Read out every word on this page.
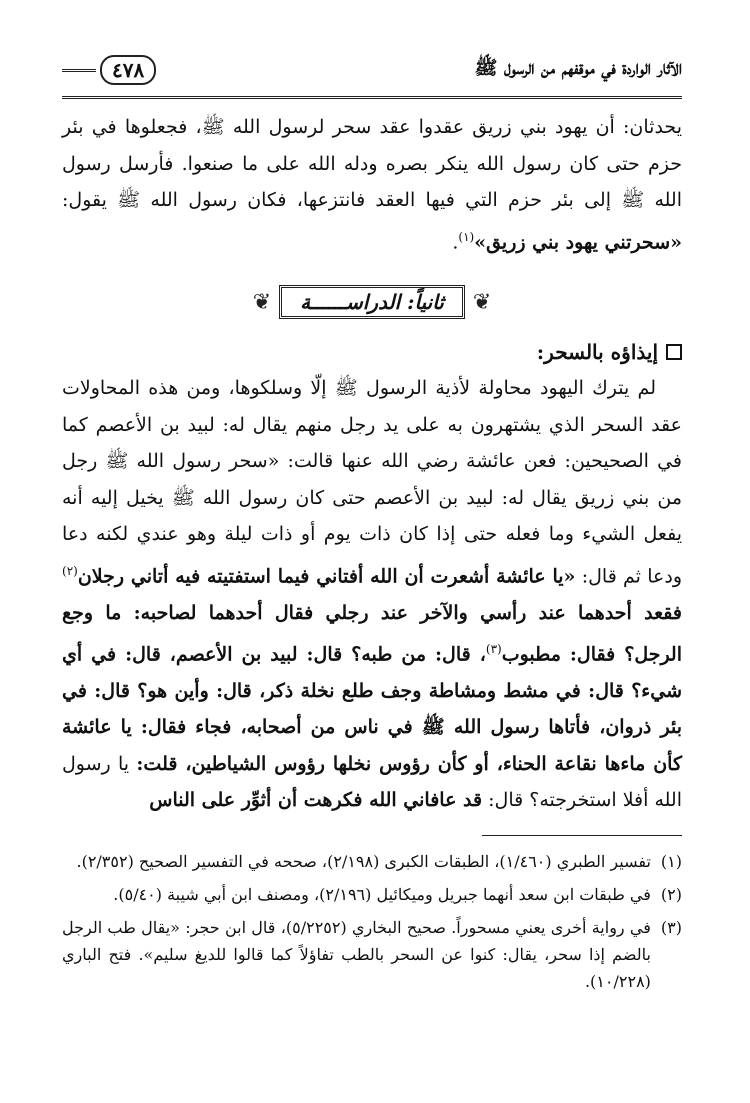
الآثار الواردة في موقفهم من الرسول ﷺ
٤٧٨

يحدثان: أن يهود بني زريق عقدوا عقد سحر لرسول الله ﷺ، فجعلوها في بئر حزم حتى كان رسول الله ينكر بصره ودله الله على ما صنعوا. فأرسل رسول الله ﷺ إلى بئر حزم التي فيها العقد فانتزعها، فكان رسول الله ﷺ يقول: «سحرتني يهود بني زريق»$^{(١)}$.

❦
ثانياً: الدراســــــة
❦
إيذاؤه بالسحر:

لم يترك اليهود محاولة لأذية الرسول ﷺ إلّا وسلكوها، ومن هذه المحاولات عقد السحر الذي يشتهرون به على يد رجل منهم يقال له: لبيد بن الأعصم كما في الصحيحين: فعن عائشة رضي الله عنها قالت: «سحر رسول الله ﷺ رجل من بني زريق يقال له: لبيد بن الأعصم حتى كان رسول الله ﷺ يخيل إليه أنه يفعل الشيء وما فعله حتى إذا كان ذات يوم أو ذات ليلة وهو عندي لكنه دعا ودعا ثم قال: «يا عائشة أشعرت أن الله أفتاني فيما استفتيته فيه أتاني رجلان$^{(٢)}$ فقعد أحدهما عند رأسي والآخر عند رجلي فقال أحدهما لصاحبه: ما وجع الرجل؟ فقال: مطبوب$^{(٣)}$، قال: من طبه؟ قال: لبيد بن الأعصم، قال: في أي شيء؟ قال: في مشط ومشاطة وجف طلع نخلة ذكر، قال: وأين هو؟ قال: في بئر ذروان، فأتاها رسول الله ﷺ في ناس من أصحابه، فجاء فقال: يا عائشة كأن ماءها نقاعة الحناء، أو كأن رؤوس نخلها رؤوس الشياطين، قلت: يا رسول الله أفلا استخرجته؟ قال: قد عافاني الله فكرهت أن أثوِّر على الناس

(١)
تفسير الطبري (١/٤٦٠)، الطبقات الكبرى (٢/١٩٨)، صححه في التفسير الصحيح (٢/٣٥٢).
(٢)
في طبقات ابن سعد أنهما جبريل وميكائيل (٢/١٩٦)، ومصنف ابن أبي شيبة (٥/٤٠).
(٣)
في رواية أخرى يعني مسحوراً. صحيح البخاري (٥/٢٢٥٢)، قال ابن حجر: «يقال طب الرجل بالضم إذا سحر، يقال: كنوا عن السحر بالطب تفاؤلاً كما قالوا للديغ سليم». فتح الباري (١٠/٢٢٨).
